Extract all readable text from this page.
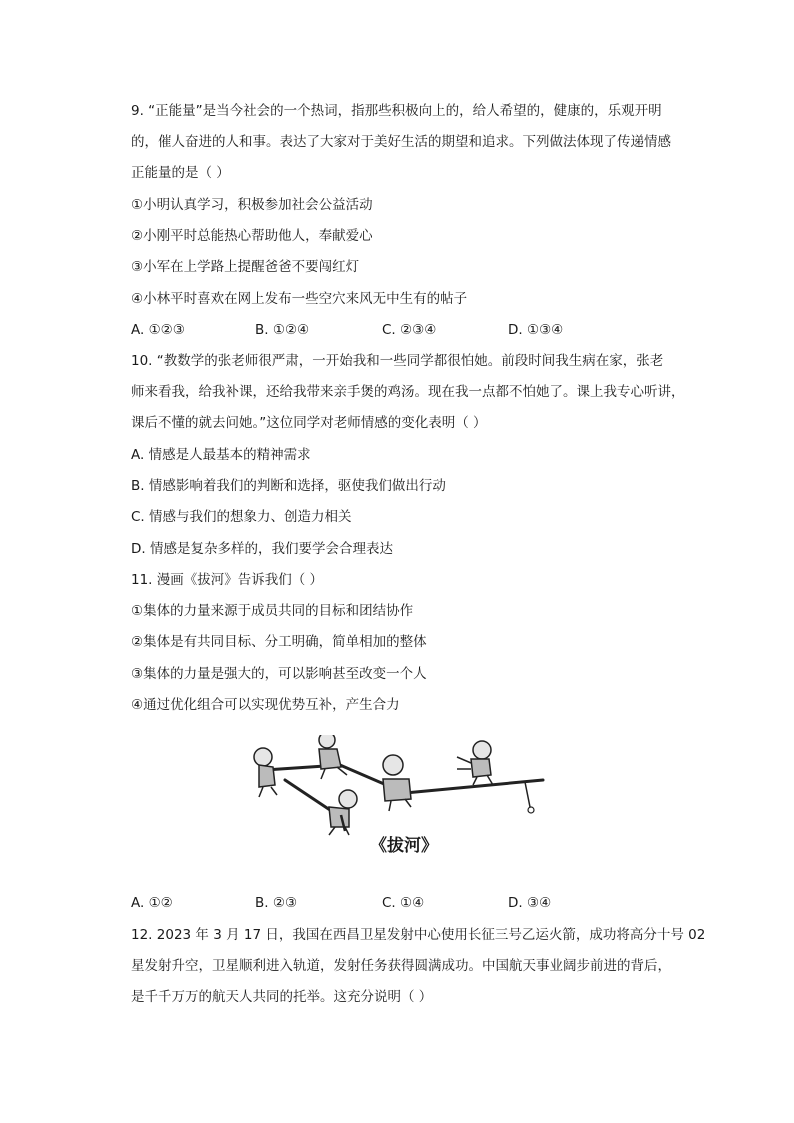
9. “正能量”是当今社会的一个热词，指那些积极向上的，给人希望的，健康的，乐观开明
的，催人奋进的人和事。表达了大家对于美好生活的期望和追求。下列做法体现了传递情感
正能量的是（ ）
①小明认真学习，积极参加社会公益活动
②小刚平时总能热心帮助他人，奉献爱心
③小军在上学路上提醒爸爸不要闯红灯
④小林平时喜欢在网上发布一些空穴来风无中生有的帖子
A. ①②③	B. ①②④	C. ②③④	D. ①③④
10. “教数学的张老师很严肃，一开始我和一些同学都很怕她。前段时间我生病在家，张老
师来看我，给我补课，还给我带来亲手煲的鸡汤。现在我一点都不怕她了。课上我专心听讲，
课后不懂的就去问她。”这位同学对老师情感的变化表明（ ）
A. 情感是人最基本的精神需求
B. 情感影响着我们的判断和选择，驱使我们做出行动
C. 情感与我们的想象力、创造力相关
D. 情感是复杂多样的，我们要学会合理表达
11. 漫画《拔河》告诉我们（ ）
①集体的力量来源于成员共同的目标和团结协作
②集体是有共同目标、分工明确，简单相加的整体
③集体的力量是强大的，可以影响甚至改变一个人
④通过优化组合可以实现优势互补，产生合力
《拔河》
A. ①②	B. ②③	C. ①④	D. ③④
12. 2023 年 3 月 17 日，我国在西昌卫星发射中心使用长征三号乙运火箭，成功将高分十号 02
星发射升空，卫星顺利进入轨道，发射任务获得圆满成功。中国航天事业阔步前进的背后，
是千千万万的航天人共同的托举。这充分说明（ ）
